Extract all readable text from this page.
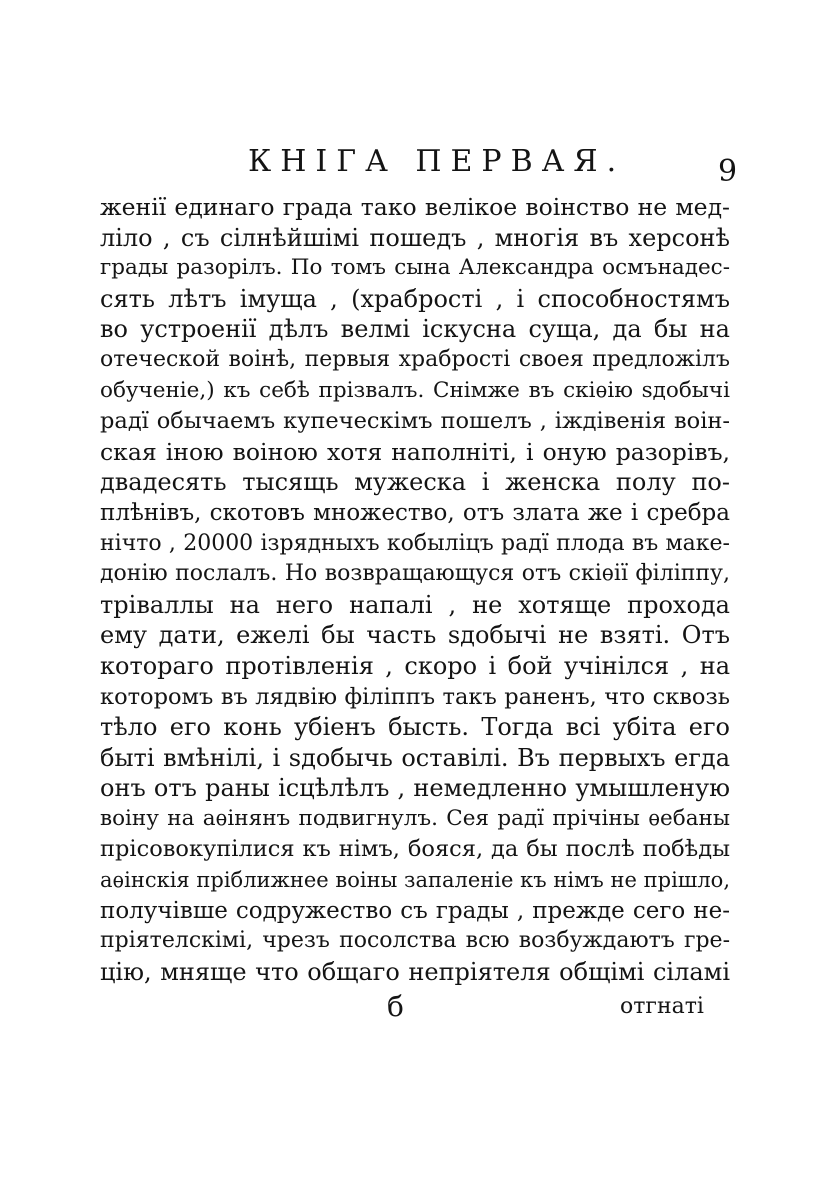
КНІГА ПЕРВАЯ.	9
женії единаго града тако велікое воінство не мед-
ліло , съ сілнѣйшімі пошедъ , многія въ херсонѣ
грады разорілъ. По томъ сына Александра осмънадес-
сять лѣтъ імуща , (храбрості , і способностямъ
во устроенії дѣлъ велмі іскусна суща, да бы на
отеческой воінѣ, первыя храбрості своея предложілъ
обученіе,) къ себѣ прізвалъ. Снімже въ скіѳію ѕдобычі
радї обычаемъ купеческімъ пошелъ , іждівенія воін-
ская іною воіною хотя наполніті, і оную разорівъ,
двадесять тысящь мужеска і женска полу по-
плѣнівъ, скотовъ множество, отъ злата же і сребра
нічто , 20000 ізрядныхъ кобыліцъ радї плода въ маке-
донію послалъ. Но возвращающуся отъ скіѳії філіппу,
тріваллы на него напалі , не хотяще прохода
ему дати, ежелі бы часть ѕдобычі не взяті. Отъ
котораго протівленія , скоро і бой учінілся , на
которомъ въ лядвію філіппъ такъ раненъ, что сквозь
тѣло его конь убіенъ бысть. Тогда всі убіта его
быті вмѣнілі, і ѕдобычь оставілі. Въ первыхъ егда
онъ отъ раны ісцѣлѣлъ , немедленно умышленую
воіну на аѳінянъ подвигнулъ. Сея радї прічіны ѳебаны
прісовокупілися къ німъ, бояся, да бы послѣ побѣды
аѳінскія пріближнее воіны запаленіе къ німъ не прішло,
получівше содружество съ грады , прежде сего не-
пріятелскімі, чрезъ посолства всю возбуждаютъ гре-
цію, мняще что общаго непріятеля общімі сіламі
б	отгнаті
